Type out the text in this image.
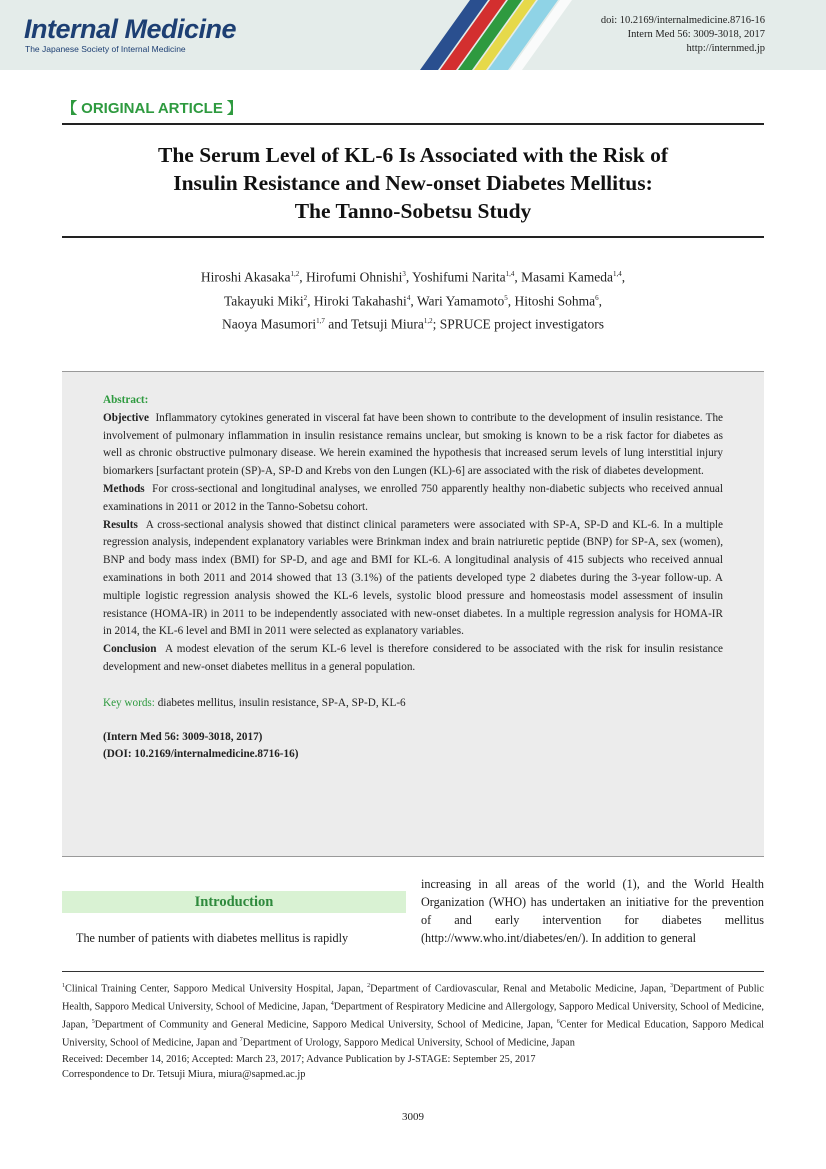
Internal Medicine
The Japanese Society of Internal Medicine
doi: 10.2169/internalmedicine.8716-16
Intern Med 56: 3009-3018, 2017
http://internmed.jp
【 ORIGINAL ARTICLE 】
The Serum Level of KL-6 Is Associated with the Risk of
Insulin Resistance and New-onset Diabetes Mellitus:
The Tanno-Sobetsu Study
Hiroshi Akasaka$^{1,2}$, Hirofumi Ohnishi$^3$, Yoshifumi Narita$^{1,4}$, Masami Kameda$^{1,4}$,
Takayuki Miki$^2$, Hiroki Takahashi$^4$, Wari Yamamoto$^5$, Hitoshi Sohma$^6$,
Naoya Masumori$^{1,7}$ and Tetsuji Miura$^{1,2}$; SPRUCE project investigators

Abstract:

Objective Inflammatory cytokines generated in visceral fat have been shown to contribute to the development of insulin resistance. The involvement of pulmonary inflammation in insulin resistance remains unclear, but smoking is known to be a risk factor for diabetes as well as chronic obstructive pulmonary disease. We herein examined the hypothesis that increased serum levels of lung interstitial injury biomarkers [surfactant protein (SP)-A, SP-D and Krebs von den Lungen (KL)-6] are associated with the risk of diabetes development.

Methods For cross-sectional and longitudinal analyses, we enrolled 750 apparently healthy non-diabetic subjects who received annual examinations in 2011 or 2012 in the Tanno-Sobetsu cohort.

Results A cross-sectional analysis showed that distinct clinical parameters were associated with SP-A, SP-D and KL-6. In a multiple regression analysis, independent explanatory variables were Brinkman index and brain natriuretic peptide (BNP) for SP-A, sex (women), BNP and body mass index (BMI) for SP-D, and age and BMI for KL-6. A longitudinal analysis of 415 subjects who received annual examinations in both 2011 and 2014 showed that 13 (3.1%) of the patients developed type 2 diabetes during the 3-year follow-up. A multiple logistic regression analysis showed the KL-6 levels, systolic blood pressure and homeostasis model assessment of insulin resistance (HOMA-IR) in 2011 to be independently associated with new-onset diabetes. In a multiple regression analysis for HOMA-IR in 2014, the KL-6 level and BMI in 2011 were selected as explanatory variables.

Conclusion A modest elevation of the serum KL-6 level is therefore considered to be associated with the risk for insulin resistance development and new-onset diabetes mellitus in a general population.

Key words: diabetes mellitus, insulin resistance, SP-A, SP-D, KL-6

(Intern Med 56: 3009-3018, 2017)

(DOI: 10.2169/internalmedicine.8716-16)

Introduction
The number of patients with diabetes mellitus is rapidly
increasing in all areas of the world (1), and the World Health Organization (WHO) has undertaken an initiative for the prevention of and early intervention for diabetes mellitus (http://www.who.int/diabetes/en/). In addition to general

$^1$Clinical Training Center, Sapporo Medical University Hospital, Japan, $^2$Department of Cardiovascular, Renal and Metabolic Medicine, Japan, $^3$Department of Public Health, Sapporo Medical University, School of Medicine, Japan, $^4$Department of Respiratory Medicine and Allergology, Sapporo Medical University, School of Medicine, Japan, $^5$Department of Community and General Medicine, Sapporo Medical University, School of Medicine, Japan, $^6$Center for Medical Education, Sapporo Medical University, School of Medicine, Japan and $^7$Department of Urology, Sapporo Medical University, School of Medicine, Japan

Received: December 14, 2016; Accepted: March 23, 2017; Advance Publication by J-STAGE: September 25, 2017

Correspondence to Dr. Tetsuji Miura, miura@sapmed.ac.jp

3009
